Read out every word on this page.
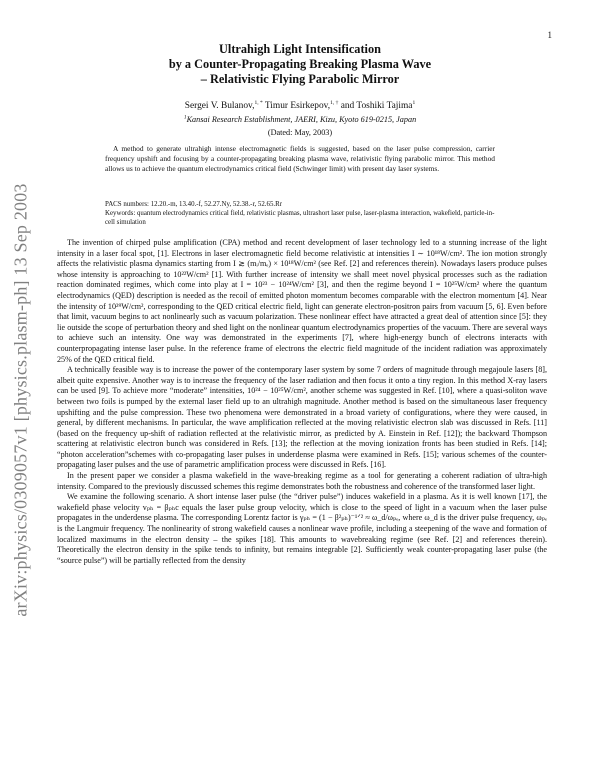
1
arXiv:physics/0309057v1 [physics.plasm-ph] 13 Sep 2003
Ultrahigh Light Intensification
by a Counter-Propagating Breaking Plasma Wave
– Relativistic Flying Parabolic Mirror
Sergei V. Bulanov,$^{1, *}$ Timur Esirkepov,$^{1, \dagger}$ and Toshiki Tajima$^1$
$^1$Kansai Research Establishment, JAERI, Kizu, Kyoto 619-0215, Japan
(Dated: May, 2003)
A method to generate ultrahigh intense electromagnetic fields is suggested, based on the laser pulse compression, carrier frequency upshift and focusing by a counter-propagating breaking plasma wave, relativistic flying parabolic mirror. This method allows us to achieve the quantum electrodynamics critical field (Schwinger limit) with present day laser systems.
PACS numbers: 12.20.-m, 13.40.-f, 52.27.Ny, 52.38.-r, 52.65.Rr
Keywords: quantum electrodynamics critical field, relativistic plasmas, ultrashort laser pulse, laser-plasma interaction, wakefield, particle-in-cell simulation

The invention of chirped pulse amplification (CPA) method and recent development of laser technology led to a stunning increase of the light intensity in a laser focal spot, [1]. Electrons in laser electromagnetic field become relativistic at intensities I ∼ 10¹⁸W/cm². The ion motion strongly affects the relativistic plasma dynamics starting from I ≳ (mᵢ/mₑ) × 10¹⁸W/cm² (see Ref. [2] and references therein). Nowadays lasers produce pulses whose intensity is approaching to 10²²W/cm² [1]. With further increase of intensity we shall meet novel physical processes such as the radiation reaction dominated regimes, which come into play at I = 10²³ − 10²⁴W/cm² [3], and then the regime beyond I = 10²⁵W/cm² where the quantum electrodynamics (QED) description is needed as the recoil of emitted photon momentum becomes comparable with the electron momentum [4]. Near the intensity of 10²⁹W/cm², corresponding to the QED critical electric field, light can generate electron-positron pairs from vacuum [5, 6]. Even before that limit, vacuum begins to act nonlinearly such as vacuum polarization. These nonlinear effect have attracted a great deal of attention since [5]: they lie outside the scope of perturbation theory and shed light on the nonlinear quantum electrodynamics properties of the vacuum. There are several ways to achieve such an intensity. One way was demonstrated in the experiments [7], where high-energy bunch of electrons interacts with counterpropagating intense laser pulse. In the reference frame of electrons the electric field magnitude of the incident radiation was approximately 25% of the QED critical field.

A technically feasible way is to increase the power of the contemporary laser system by some 7 orders of magnitude through megajoule lasers [8], albeit quite expensive. Another way is to increase the frequency of the laser radiation and then focus it onto a tiny region. In this method X-ray lasers can be used [9]. To achieve more “moderate” intensities, 10²⁴ − 10²⁵W/cm², another scheme was suggested in Ref. [10], where a quasi-soliton wave between two foils is pumped by the external laser field up to an ultrahigh magnitude. Another method is based on the simultaneous laser frequency upshifting and the pulse compression. These two phenomena were demonstrated in a broad variety of configurations, where they were caused, in general, by different mechanisms. In particular, the wave amplification reflected at the moving relativistic electron slab was discussed in Refs. [11] (based on the frequency up-shift of radiation reflected at the relativistic mirror, as predicted by A. Einstein in Ref. [12]); the backward Thompson scattering at relativistic electron bunch was considered in Refs. [13]; the reflection at the moving ionization fronts has been studied in Refs. [14]; “photon acceleration”schemes with co-propagating laser pulses in underdense plasma were examined in Refs. [15]; various schemes of the counter-propagating laser pulses and the use of parametric amplification process were discussed in Refs. [16].

In the present paper we consider a plasma wakefield in the wave-breaking regime as a tool for generating a coherent radiation of ultra-high intensity. Compared to the previously discussed schemes this regime demonstrates both the robustness and coherence of the transformed laser light.

We examine the following scenario. A short intense laser pulse (the “driver pulse”) induces wakefield in a plasma. As it is well known [17], the wakefield phase velocity vₚₕ = βₚₕc equals the laser pulse group velocity, which is close to the speed of light in a vacuum when the laser pulse propagates in the underdense plasma. The corresponding Lorentz factor is γₚₕ = (1 − β²ₚₕ)⁻¹ᐟ² ≈ ω_d/ωₚₑ, where ω_d is the driver pulse frequency, ωₚₑ is the Langmuir frequency. The nonlinearity of strong wakefield causes a nonlinear wave profile, including a steepening of the wave and formation of localized maximums in the electron density – the spikes [18]. This amounts to wavebreaking regime (see Ref. [2] and references therein). Theoretically the electron density in the spike tends to infinity, but remains integrable [2]. Sufficiently weak counter-propagating laser pulse (the “source pulse”) will be partially reflected from the density
